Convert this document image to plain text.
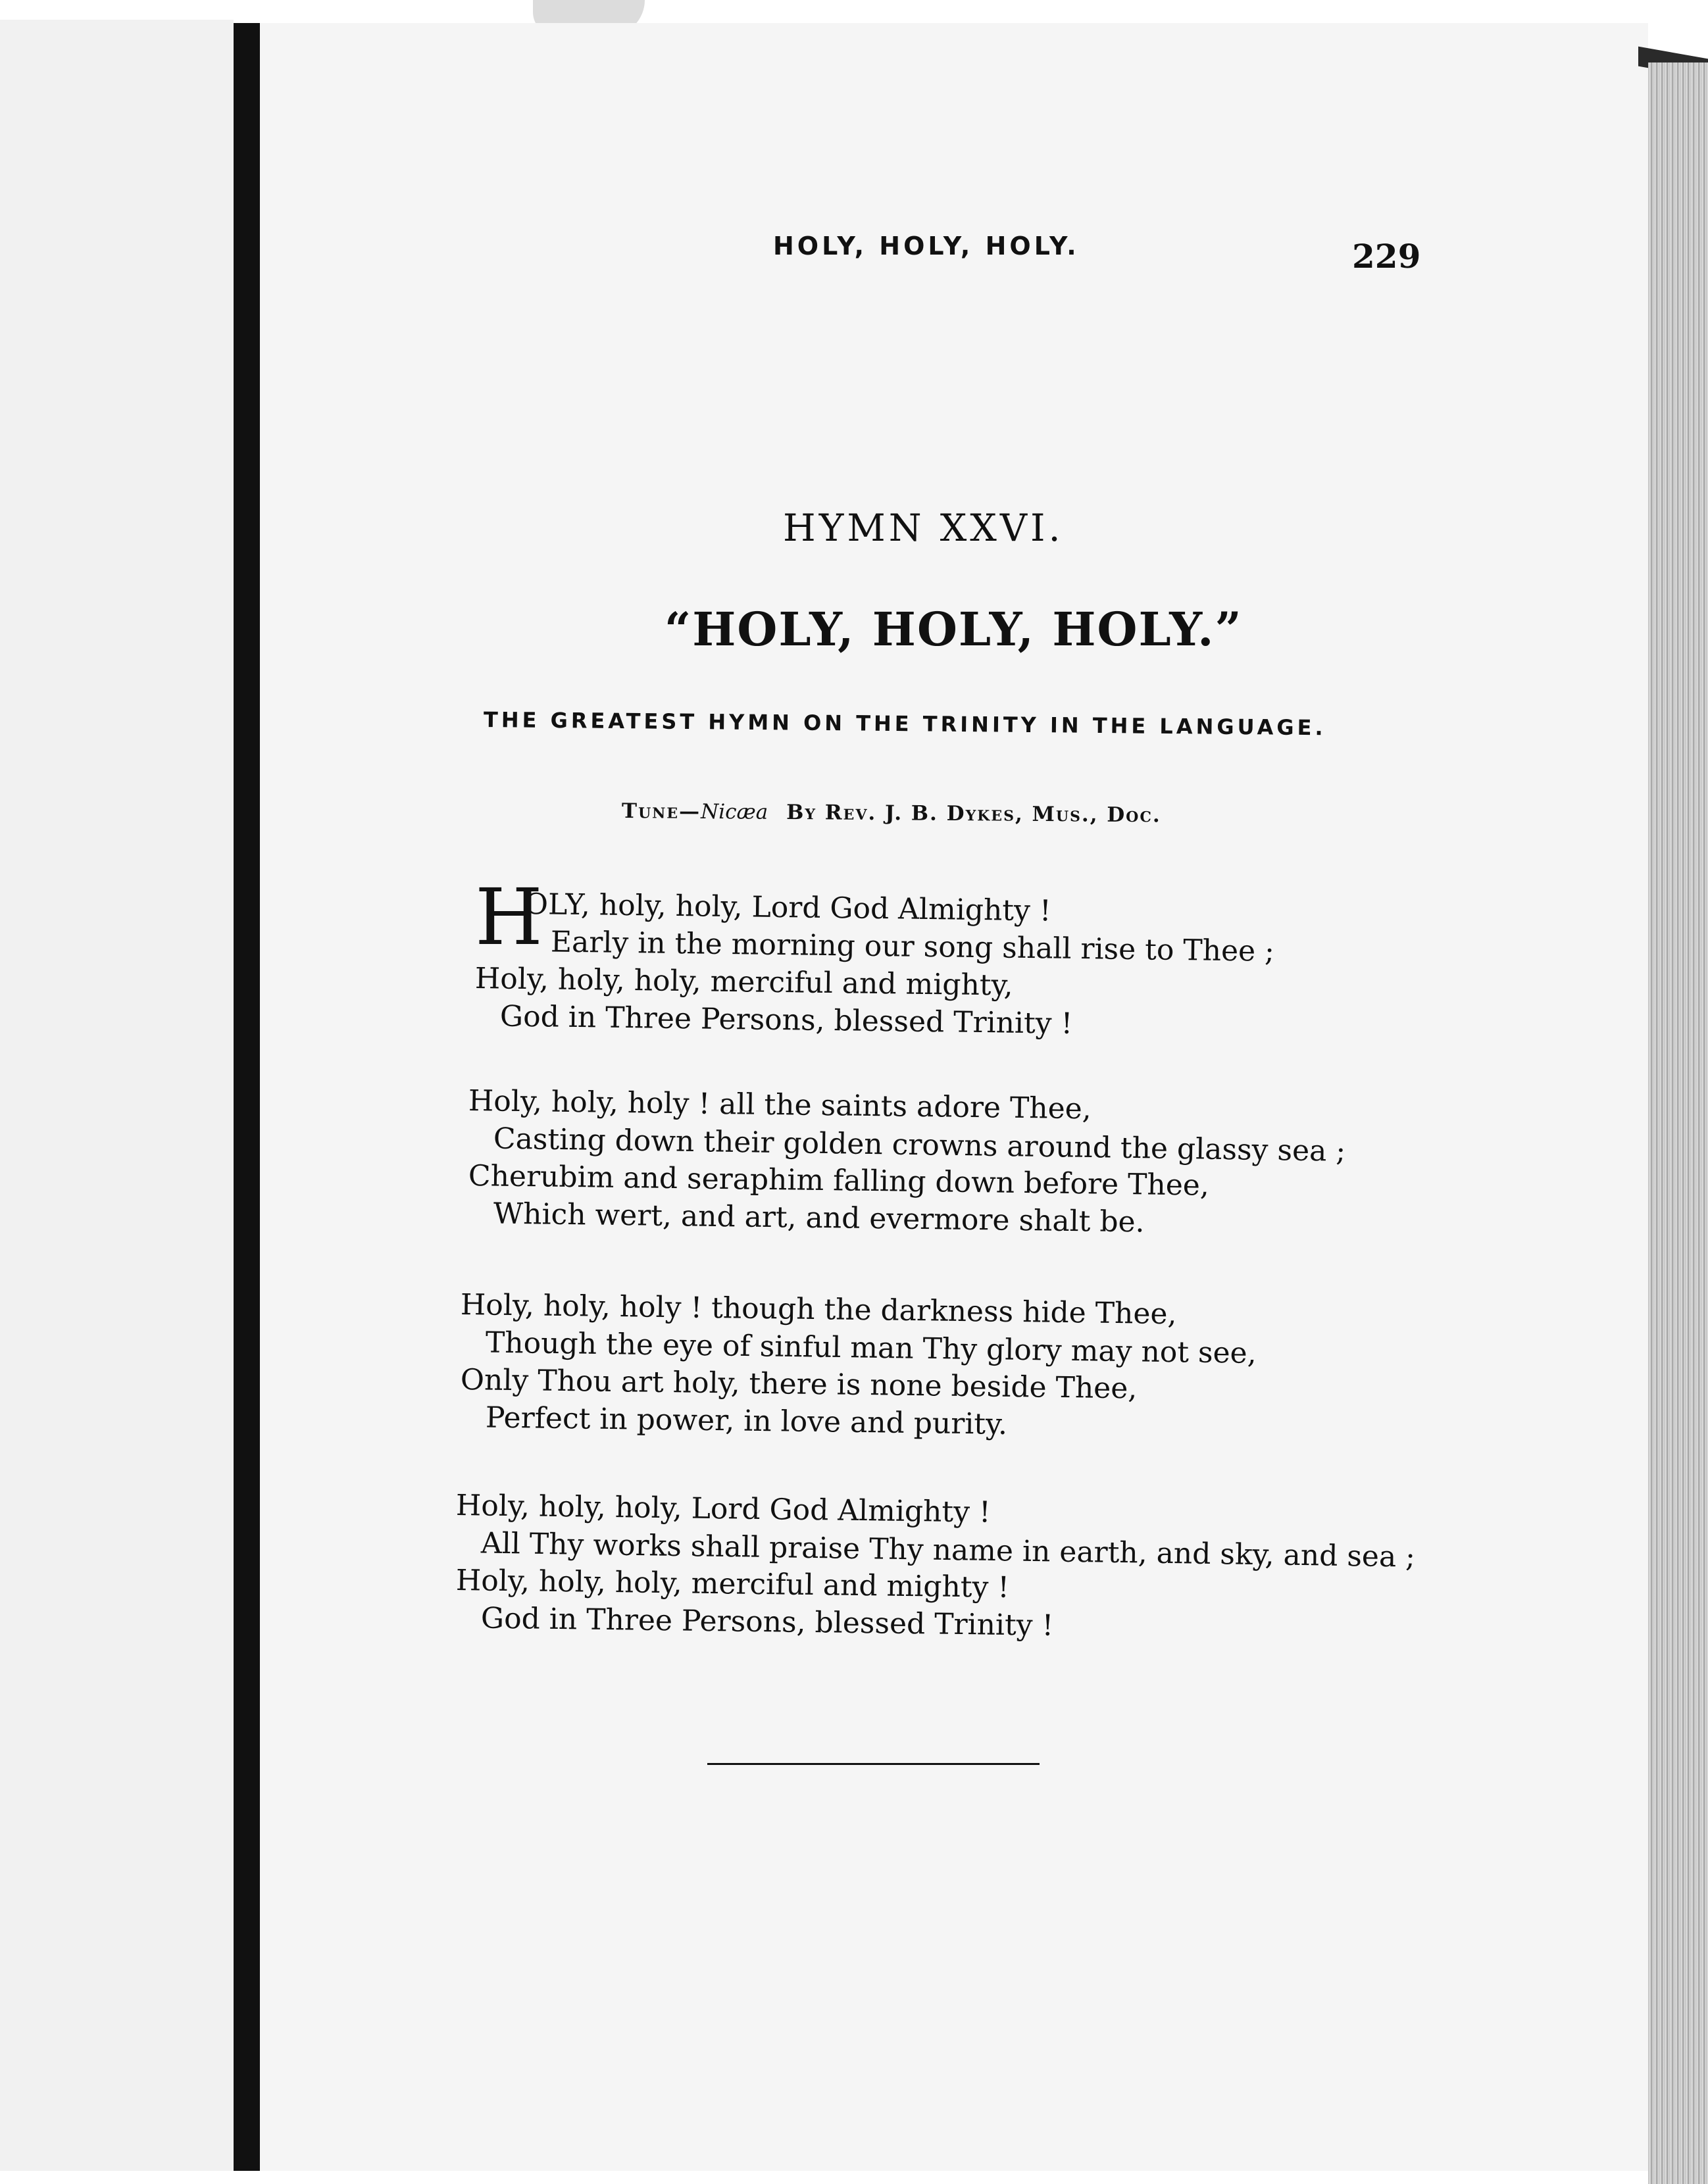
HOLY, HOLY, HOLY.	229
HYMN XXVI.
“HOLY, HOLY, HOLY.”
THE GREATEST HYMN ON THE TRINITY IN THE LANGUAGE.
Tune—Nicæa By Rev. J. B. Dykes, Mus., Doc.
H
OLY, holy, holy, Lord God Almighty !
Early in the morning our song shall rise to Thee ;
Holy, holy, holy, merciful and mighty,
God in Three Persons, blessed Trinity !
Holy, holy, holy ! all the saints adore Thee,
Casting down their golden crowns around the glassy sea ;
Cherubim and seraphim falling down before Thee,
Which wert, and art, and evermore shalt be.
Holy, holy, holy ! though the darkness hide Thee,
Though the eye of sinful man Thy glory may not see,
Only Thou art holy, there is none beside Thee,
Perfect in power, in love and purity.
Holy, holy, holy, Lord God Almighty !
All Thy works shall praise Thy name in earth, and sky, and sea ;
Holy, holy, holy, merciful and mighty !
God in Three Persons, blessed Trinity !
